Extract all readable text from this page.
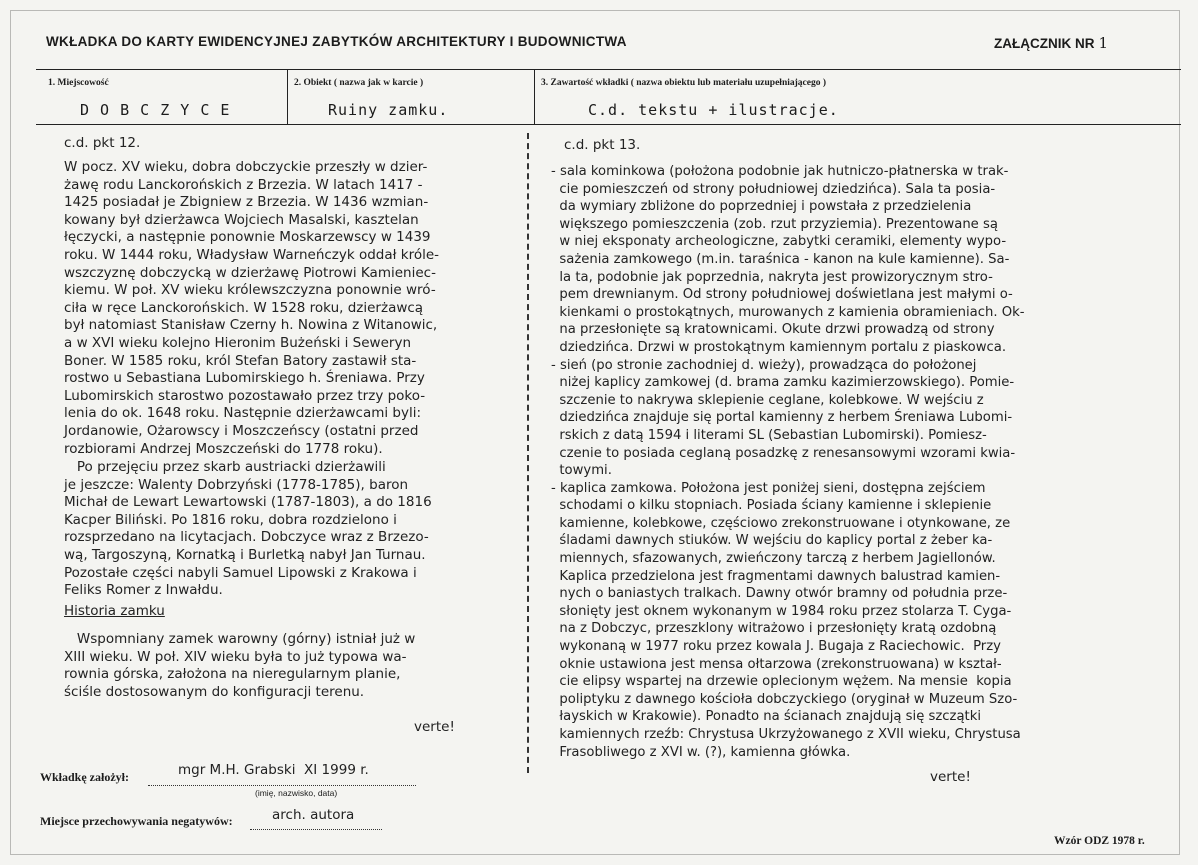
WKŁADKA DO KARTY EWIDENCYJNEJ ZABYTKÓW ARCHITEKTURY I BUDOWNICTWA	ZAŁĄCZNIK NR 1
1. Miejscowość
D O B C Z Y C E
2. Obiekt ( nazwa jak w karcie )
Ruiny zamku.
3. Zawartość wkładki ( nazwa obiektu lub materiału uzupełniającego )
C.d. tekstu + ilustracje.
c.d. pkt 12.
W pocz. XV wieku, dobra dobczyckie przeszły w dzier-
żawę rodu Lanckorońskich z Brzezia. W latach 1417 -
1425 posiadał je Zbigniew z Brzezia. W 1436 wzmian-
kowany był dzierżawca Wojciech Masalski, kasztelan
łęczycki, a następnie ponownie Moskarzewscy w 1439
roku. W 1444 roku, Władysław Warneńczyk oddał króle-
wszczyznę dobczycką w dzierżawę Piotrowi Kamieniec-
kiemu. W poł. XV wieku królewszczyzna ponownie wró-
ciła w ręce Lanckorońskich. W 1528 roku, dzierżawcą
był natomiast Stanisław Czerny h. Nowina z Witanowic,
a w XVI wieku kolejno Hieronim Bużeński i Seweryn
Boner. W 1585 roku, król Stefan Batory zastawił sta-
rostwo u Sebastiana Lubomirskiego h. Śreniawa. Przy
Lubomirskich starostwo pozostawało przez trzy poko-
lenia do ok. 1648 roku. Następnie dzierżawcami byli:
Jordanowie, Ożarowscy i Moszczeńscy (ostatni przed
rozbiorami Andrzej Moszczeński do 1778 roku).
Po przejęciu przez skarb austriacki dzierżawili
je jeszcze: Walenty Dobrzyński (1778-1785), baron
Michał de Lewart Lewartowski (1787-1803), a do 1816
Kacper Biliński. Po 1816 roku, dobra rozdzielono i
rozsprzedano na licytacjach. Dobczyce wraz z Brzezo-
wą, Targoszyną, Kornatką i Burletką nabył Jan Turnau.
Pozostałe części nabyli Samuel Lipowski z Krakowa i
Feliks Romer z Inwałdu.
Historia zamku
Wspomniany zamek warowny (górny) istniał już w
XIII wieku. W poł. XIV wieku była to już typowa wa-
rownia górska, założona na nieregularnym planie,
ściśle dostosowanym do konfiguracji terenu.
verte!
c.d. pkt 13.
- sala kominkowa (położona podobnie jak hutniczo-płatnerska w trak-
cie pomieszczeń od strony południowej dziedzińca). Sala ta posia-
da wymiary zbliżone do poprzedniej i powstała z przedzielenia
większego pomieszczenia (zob. rzut przyziemia). Prezentowane są
w niej eksponaty archeologiczne, zabytki ceramiki, elementy wypo-
sażenia zamkowego (m.in. taraśnica - kanon na kule kamienne). Sa-
la ta, podobnie jak poprzednia, nakryta jest prowizorycznym stro-
pem drewnianym. Od strony południowej doświetlana jest małymi o-
kienkami o prostokątnych, murowanych z kamienia obramieniach. Ok-
na przesłonięte są kratownicami. Okute drzwi prowadzą od strony
dziedzińca. Drzwi w prostokątnym kamiennym portalu z piaskowca.
- sień (po stronie zachodniej d. wieży), prowadząca do położonej
niżej kaplicy zamkowej (d. brama zamku kazimierzowskiego). Pomie-
szczenie to nakrywa sklepienie ceglane, kolebkowe. W wejściu z
dziedzińca znajduje się portal kamienny z herbem Śreniawa Lubomi-
rskich z datą 1594 i literami SL (Sebastian Lubomirski). Pomiesz-
czenie to posiada ceglaną posadzkę z renesansowymi wzorami kwia-
towymi.
- kaplica zamkowa. Położona jest poniżej sieni, dostępna zejściem
schodami o kilku stopniach. Posiada ściany kamienne i sklepienie
kamienne, kolebkowe, częściowo zrekonstruowane i otynkowane, ze
śladami dawnych stiuków. W wejściu do kaplicy portal z żeber ka-
miennych, sfazowanych, zwieńczony tarczą z herbem Jagiellonów.
Kaplica przedzielona jest fragmentami dawnych balustrad kamien-
nych o baniastych tralkach. Dawny otwór bramny od południa prze-
słonięty jest oknem wykonanym w 1984 roku przez stolarza T. Cyga-
na z Dobczyc, przeszklony witrażowo i przesłonięty kratą ozdobną
wykonaną w 1977 roku przez kowala J. Bugaja z Raciechowic.  Przy
oknie ustawiona jest mensa ołtarzowa (zrekonstruowana) w kształ-
cie elipsy wspartej na drzewie oplecionym wężem. Na mensie  kopia
poliptyku z dawnego kościoła dobczyckiego (oryginał w Muzeum Szo-
łayskich w Krakowie). Ponadto na ścianach znajdują się szczątki
kamiennych rzeźb: Chrystusa Ukrzyżowanego z XVII wieku, Chrystusa
Frasobliwego z XVI w. (?), kamienna główka.
verte!
Wkładkę założył:	mgr M.H. Grabski  XI 1999 r.
(imię, nazwisko, data)
Miejsce przechowywania negatywów:	arch. autora
Wzór ODZ 1978 r.
